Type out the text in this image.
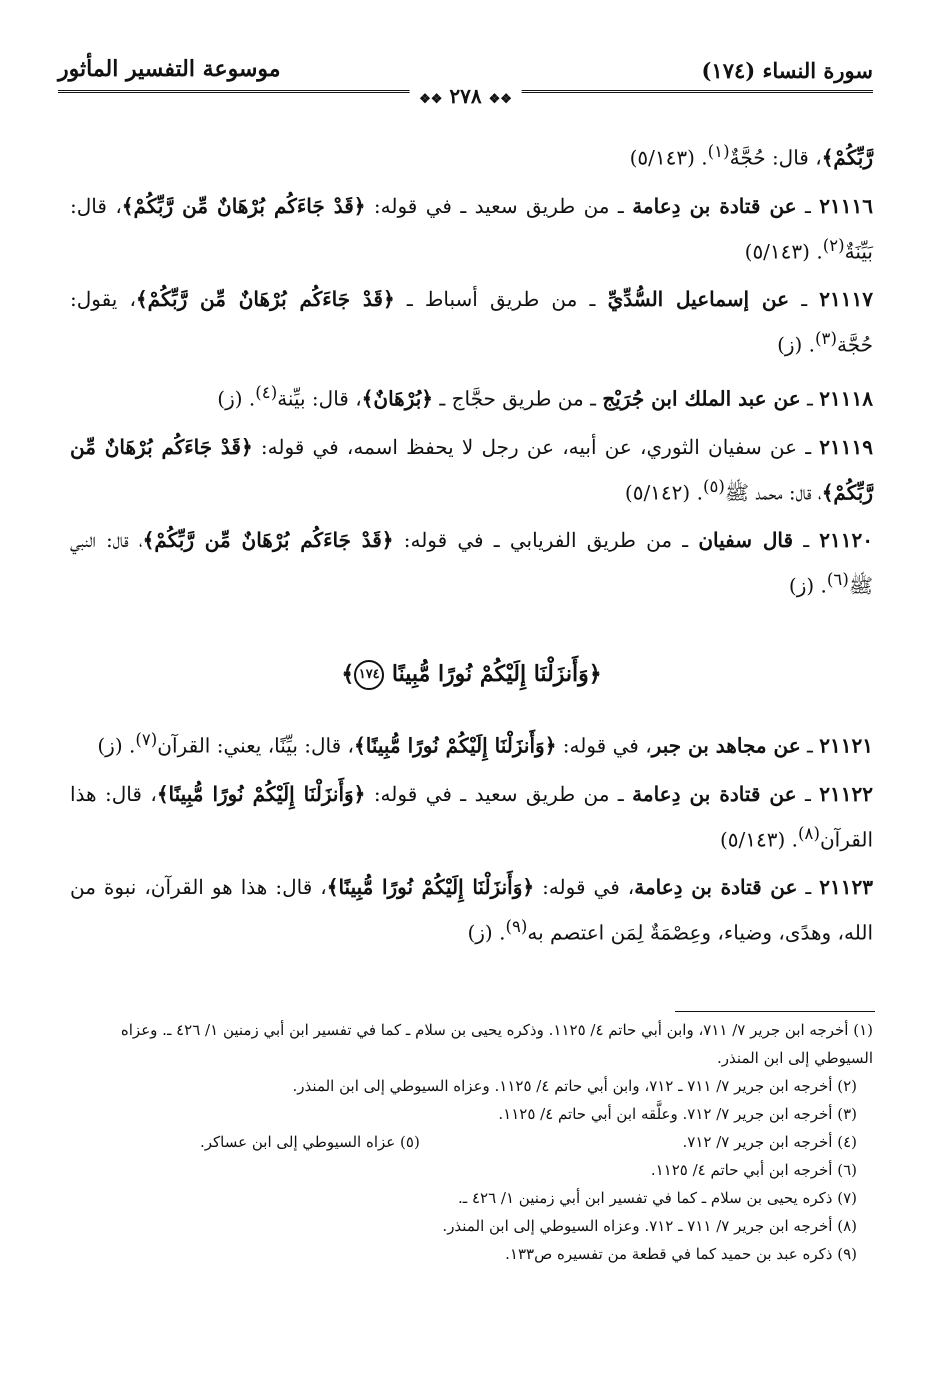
سورة النساء (١٧٤)
موسوعة التفسير المأثور
❖❖ ٢٧٨ ❖❖

رَّبِّكُمْ﴾، قال: حُجَّةٌ$^{(١)}$. (٥/١٤٣)

٢١١١٦ ـ عن قتادة بن دِعامة ـ من طريق سعيد ـ في قوله: ﴿قَدْ جَاءَكُم بُرْهَانٌ مِّن رَّبِّكُمْ﴾، قال: بَيِّنَةٌ$^{(٢)}$. (٥/١٤٣)

٢١١١٧ ـ عن إسماعيل السُّدِّيِّ ـ من طريق أسباط ـ ﴿قَدْ جَاءَكُم بُرْهَانٌ مِّن رَّبِّكُمْ﴾، يقول: حُجَّة$^{(٣)}$. (ز)

٢١١١٨ ـ عن عبد الملك ابن جُرَيْج ـ من طريق حجَّاج ـ ﴿بُرْهَانٌ﴾، قال: بيِّنة$^{(٤)}$. (ز)

٢١١١٩ ـ عن سفيان الثوري، عن أبيه، عن رجل لا يحفظ اسمه، في قوله: ﴿قَدْ جَاءَكُم بُرْهَانٌ مِّن رَّبِّكُمْ﴾، قال: محمد ﷺ$^{(٥)}$. (٥/١٤٢)

٢١١٢٠ ـ قال سفيان ـ من طريق الفريابي ـ في قوله: ﴿قَدْ جَاءَكُم بُرْهَانٌ مِّن رَّبِّكُمْ﴾، قال: النبي ﷺ$^{(٦)}$. (ز)

﴿وَأَنزَلْنَا إِلَيْكُمْ نُورًا مُّبِينًا ١٧٤﴾

٢١١٢١ ـ عن مجاهد بن جبر، في قوله: ﴿وَأَنزَلْنَا إِلَيْكُمْ نُورًا مُّبِينًا﴾، قال: بيِّنًا، يعني: القرآن$^{(٧)}$. (ز)

٢١١٢٢ ـ عن قتادة بن دِعامة ـ من طريق سعيد ـ في قوله: ﴿وَأَنزَلْنَا إِلَيْكُمْ نُورًا مُّبِينًا﴾، قال: هذا القرآن$^{(٨)}$. (٥/١٤٣)

٢١١٢٣ ـ عن قتادة بن دِعامة، في قوله: ﴿وَأَنزَلْنَا إِلَيْكُمْ نُورًا مُّبِينًا﴾، قال: هذا هو القرآن، نبوة من الله، وهدًى، وضياء، وعِصْمَةٌ لِمَن اعتصم به$^{(٩)}$. (ز)

(١) أخرجه ابن جرير ٧/ ٧١١، وابن أبي حاتم ٤/ ١١٢٥. وذكره يحيى بن سلام ـ كما في تفسير ابن أبي زمنين ١/ ٤٢٦ ـ. وعزاه السيوطي إلى ابن المنذر.

(٢) أخرجه ابن جرير ٧/ ٧١١ ـ ٧١٢، وابن أبي حاتم ٤/ ١١٢٥. وعزاه السيوطي إلى ابن المنذر.

(٣) أخرجه ابن جرير ٧/ ٧١٢. وعلَّقه ابن أبي حاتم ٤/ ١١٢٥.

(٤) أخرجه ابن جرير ٧/ ٧١٢.
(٥) عزاه السيوطي إلى ابن عساكر.

(٦) أخرجه ابن أبي حاتم ٤/ ١١٢٥.

(٧) ذكره يحيى بن سلام ـ كما في تفسير ابن أبي زمنين ١/ ٤٢٦ ـ.

(٨) أخرجه ابن جرير ٧/ ٧١١ ـ ٧١٢. وعزاه السيوطي إلى ابن المنذر.

(٩) ذكره عبد بن حميد كما في قطعة من تفسيره ص١٣٣.
